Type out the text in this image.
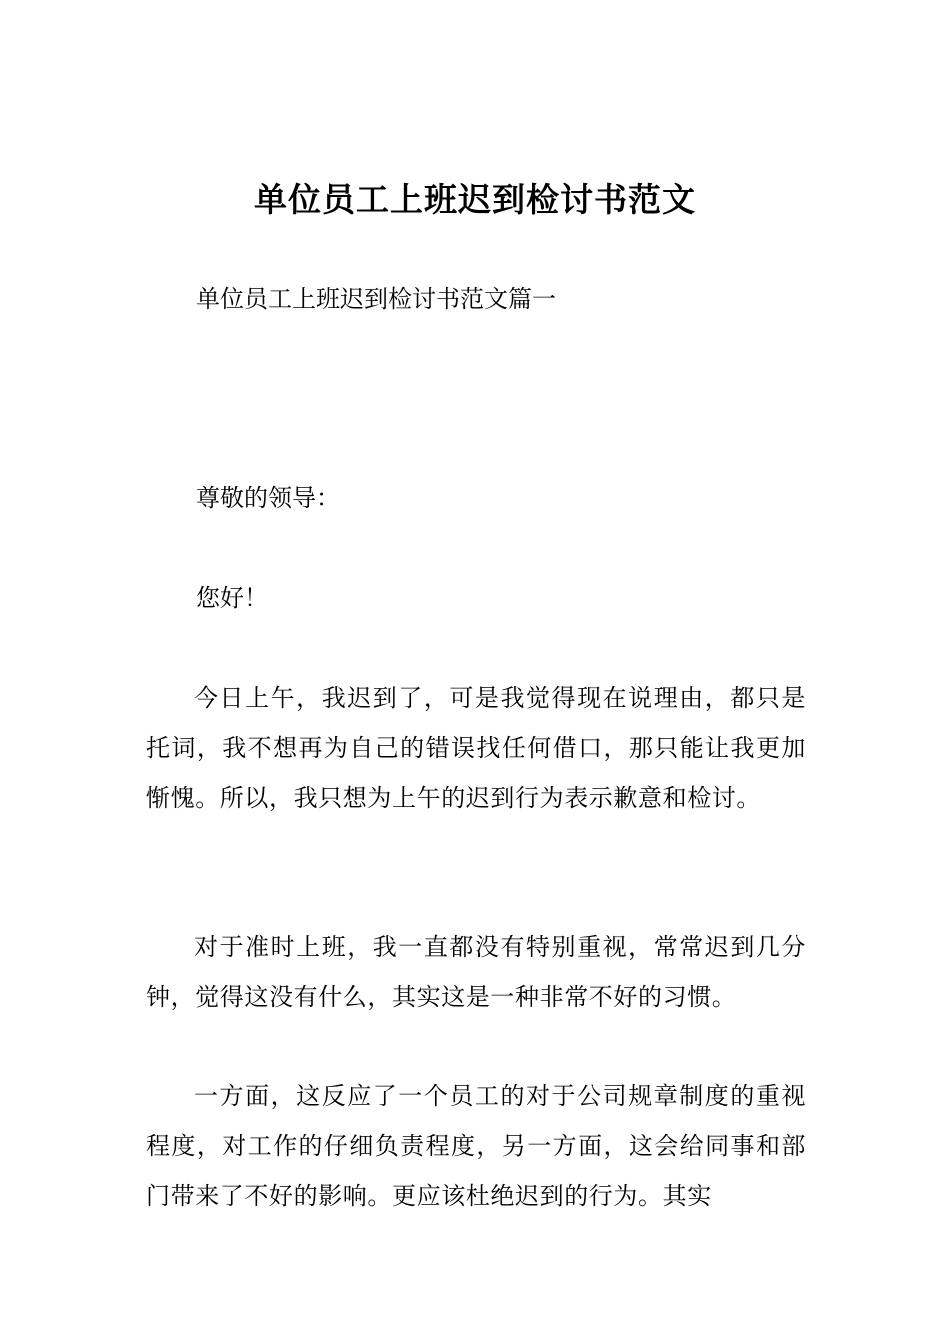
单位员工上班迟到检讨书范文
单位员工上班迟到检讨书范文篇一
尊敬的领导：
您好！

今日上午，我迟到了，可是我觉得现在说理由，都只是托词，我不想再为自己的错误找任何借口，那只能让我更加惭愧。所以，我只想为上午的迟到行为表示歉意和检讨。

对于准时上班，我一直都没有特别重视，常常迟到几分钟，觉得这没有什么，其实这是一种非常不好的习惯。

一方面，这反应了一个员工的对于公司规章制度的重视程度，对工作的仔细负责程度，另一方面，这会给同事和部门带来了不好的影响。更应该杜绝迟到的行为。其实
